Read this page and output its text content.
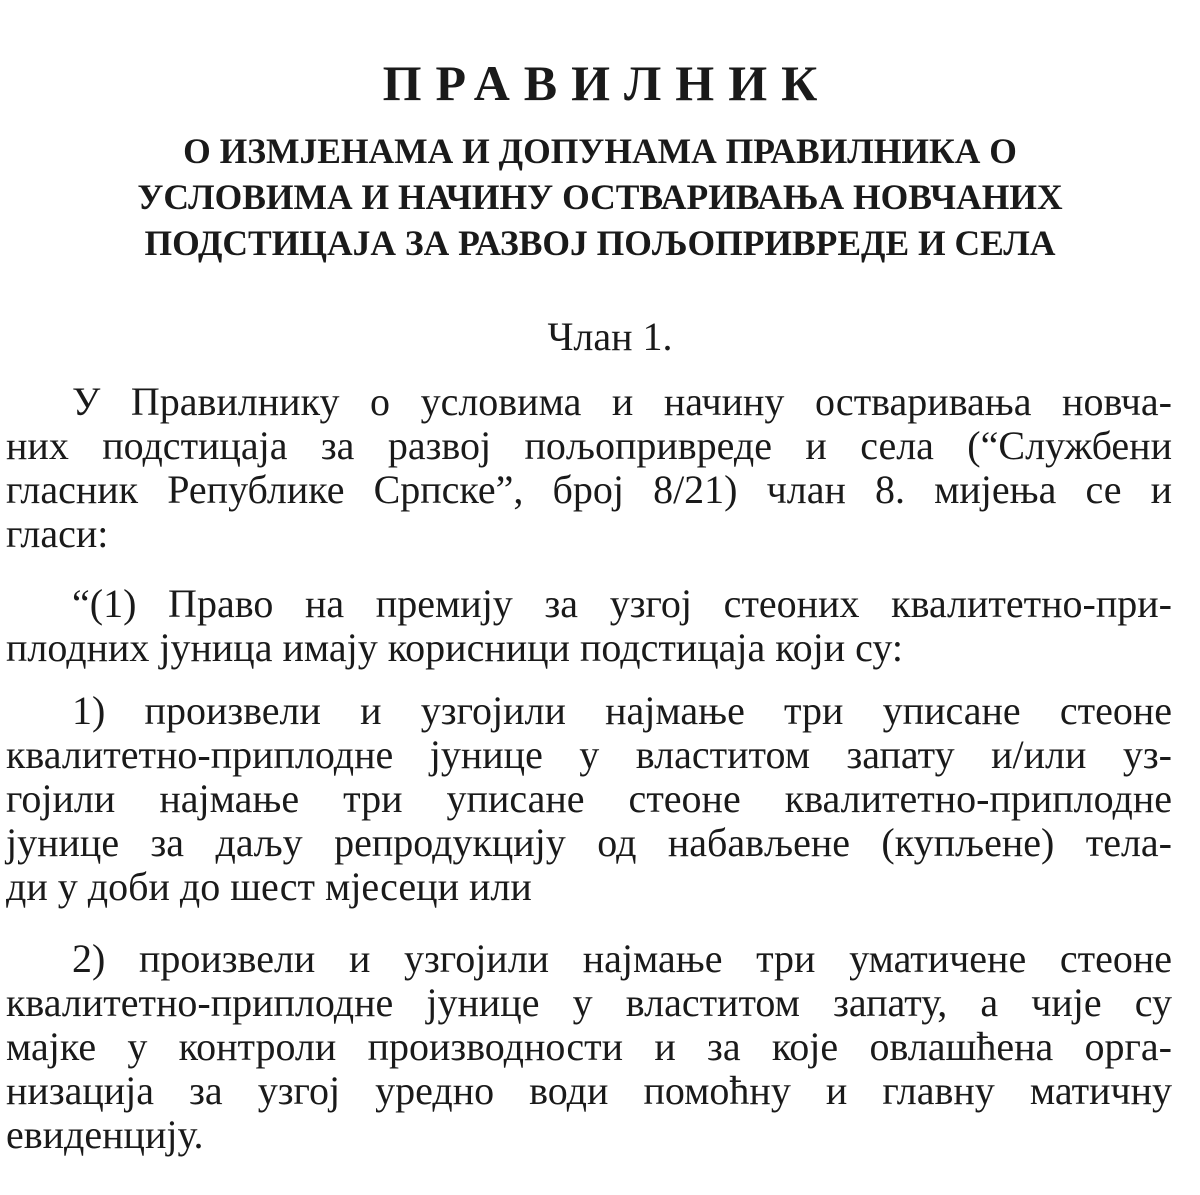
ПРАВИЛНИК
О ИЗМЈЕНАМА И ДОПУНАМА ПРАВИЛНИКА О
УСЛОВИМА И НАЧИНУ ОСТВАРИВАЊА НОВЧАНИХ
ПОДСТИЦАЈА ЗА РАЗВОЈ ПОЉОПРИВРЕДЕ И СЕЛА
Члан 1.
У Правилнику о условима и начину остваривања новча-
них подстицаја за развој пољопривреде и села (“Службени
гласник Републике Српске”, број 8/21) члан 8. мијења се и
гласи:
“(1) Право на премију за узгој стеоних квалитетно-при-
плодних јуница имају корисници подстицаја који су:
1) произвели и узгојили најмање три уписане стеоне
квалитетно-приплодне јунице у властитом запату и/или уз-
гојили најмање три уписане стеоне квалитетно-приплодне
јунице за даљу репродукцију од набављене (купљене) тела-
ди у доби до шест мјесеци или
2) произвели и узгојили најмање три уматичене стеоне
квалитетно-приплодне јунице у властитом запату, а чије су
мајке у контроли производности и за које овлашћена орга-
низација за узгој уредно води помоћну и главну матичну
евиденцију.
